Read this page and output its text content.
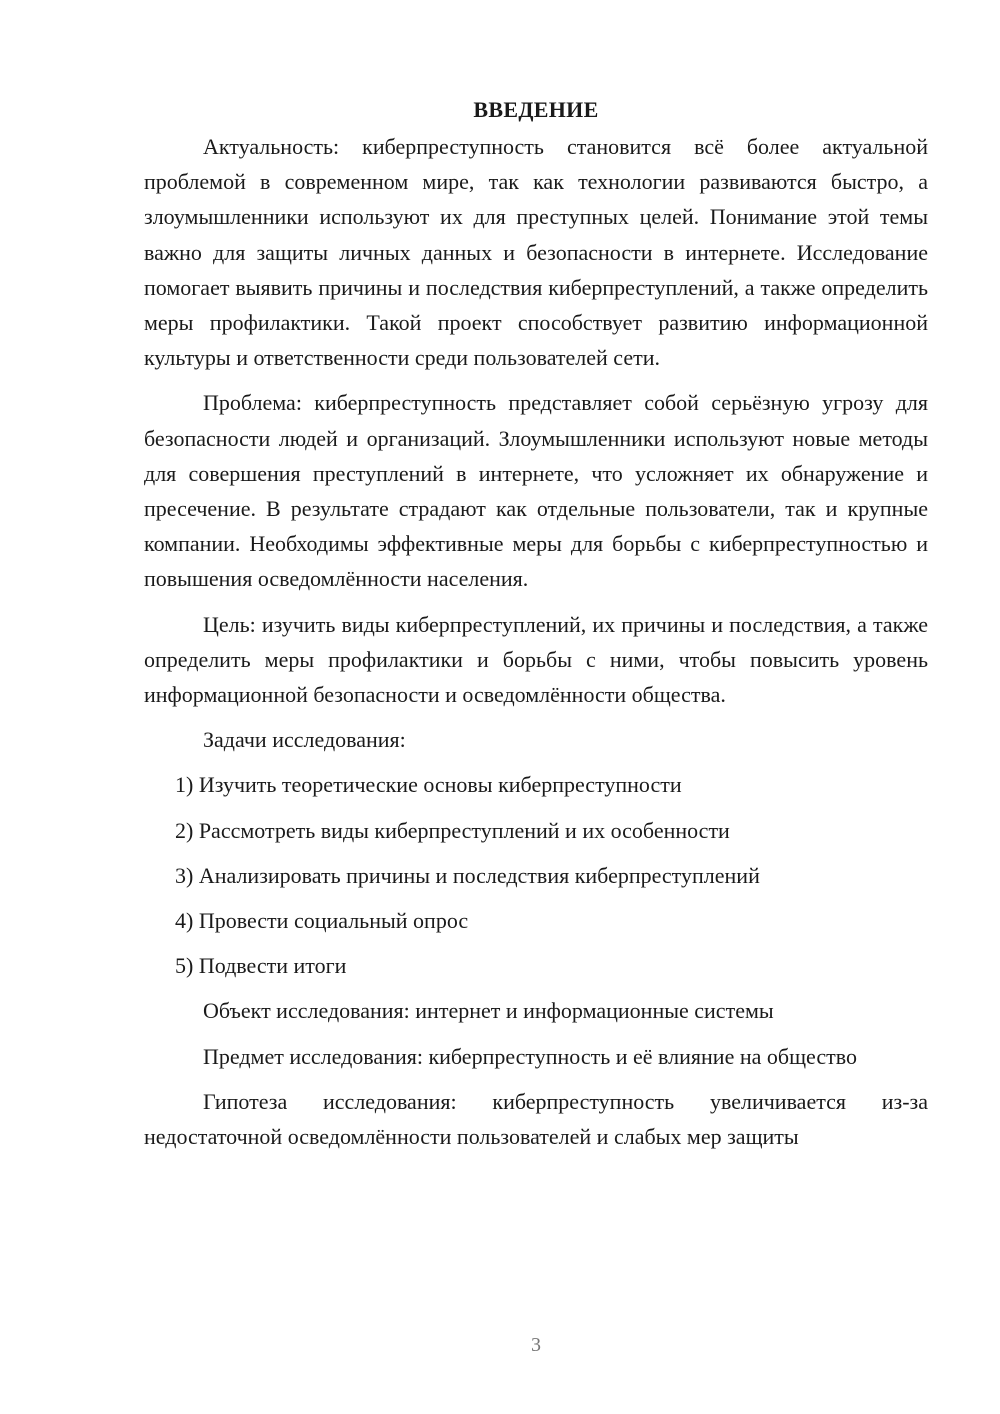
ВВЕДЕНИЕ

Актуальность: киберпреступность становится всё более актуальной проблемой в современном мире, так как технологии развиваются быстро, а злоумышленники используют их для преступных целей. Понимание этой темы важно для защиты личных данных и безопасности в интернете. Исследование помогает выявить причины и последствия киберпреступлений, а также определить меры профилактики. Такой проект способствует развитию информационной культуры и ответственности среди пользователей сети.

Проблема: киберпреступность представляет собой серьёзную угрозу для безопасности людей и организаций. Злоумышленники используют новые методы для совершения преступлений в интернете, что усложняет их обнаружение и пресечение. В результате страдают как отдельные пользователи, так и крупные компании. Необходимы эффективные меры для борьбы с киберпреступностью и повышения осведомлённости населения.

Цель: изучить виды киберпреступлений, их причины и последствия, а также определить меры профилактики и борьбы с ними, чтобы повысить уровень информационной безопасности и осведомлённости общества.

Задачи исследования:

1) Изучить теоретические основы киберпреступности
2) Рассмотреть виды киберпреступлений и их особенности
3) Анализировать причины и последствия киберпреступлений
4) Провести социальный опрос
5) Подвести итоги

Объект исследования: интернет и информационные системы

Предмет исследования: киберпреступность и её влияние на общество

Гипотеза исследования: киберпреступность увеличивается из-за недостаточной осведомлённости пользователей и слабых мер защиты

3
